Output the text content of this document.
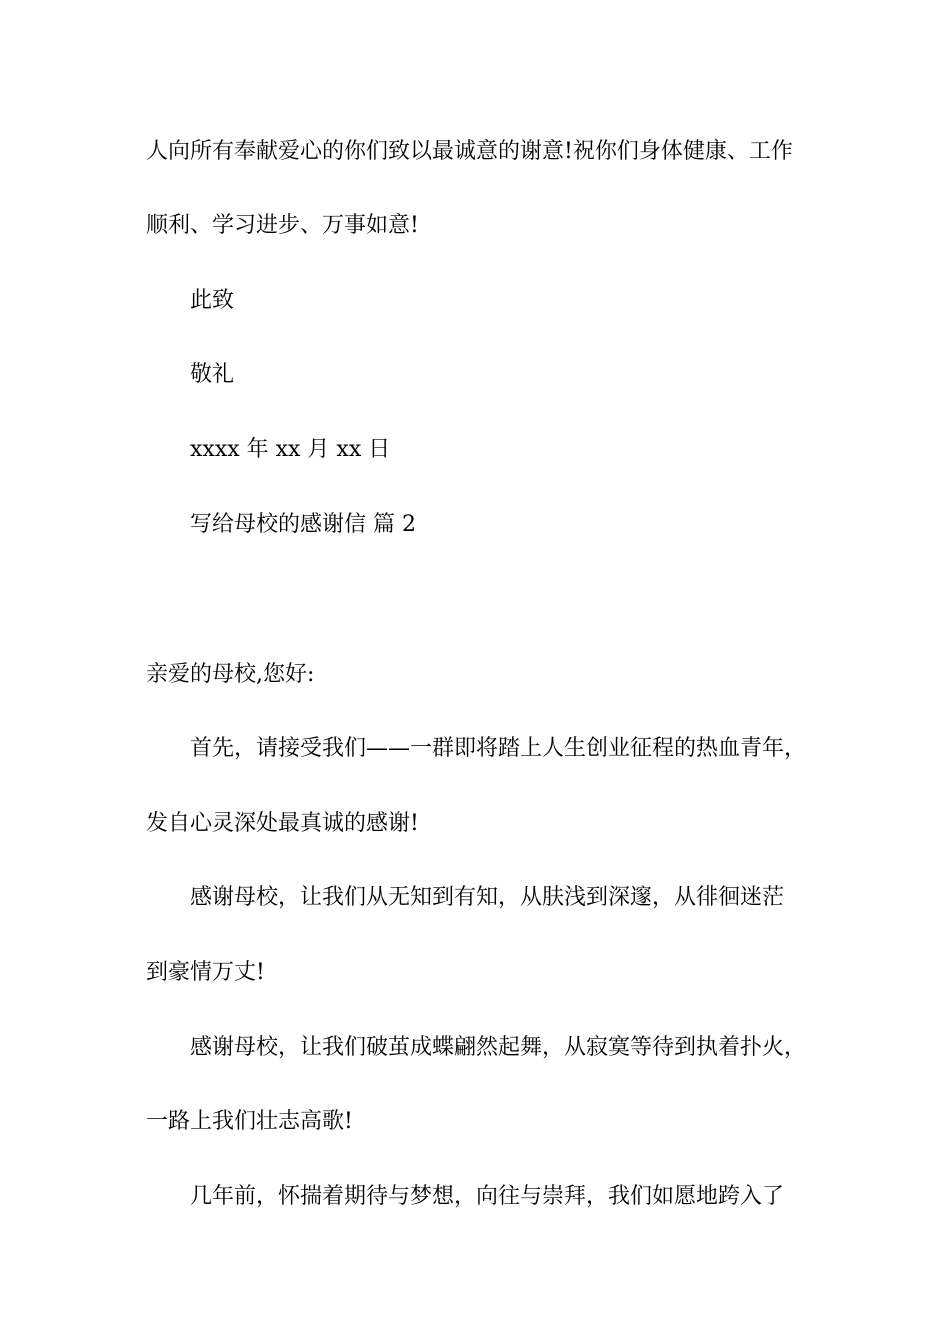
人向所有奉献爱心的你们致以最诚意的谢意!祝你们身体健康、工作
顺利、学习进步、万事如意!
此致
敬礼
xxxx 年 xx 月 xx 日
写给母校的感谢信 篇 2
亲爱的母校,您好:
首先，请接受我们——一群即将踏上人生创业征程的热血青年，
发自心灵深处最真诚的感谢!
感谢母校，让我们从无知到有知，从肤浅到深邃，从徘徊迷茫
到豪情万丈!
感谢母校，让我们破茧成蝶翩然起舞，从寂寞等待到执着扑火，
一路上我们壮志高歌!
几年前，怀揣着期待与梦想，向往与崇拜，我们如愿地跨入了
